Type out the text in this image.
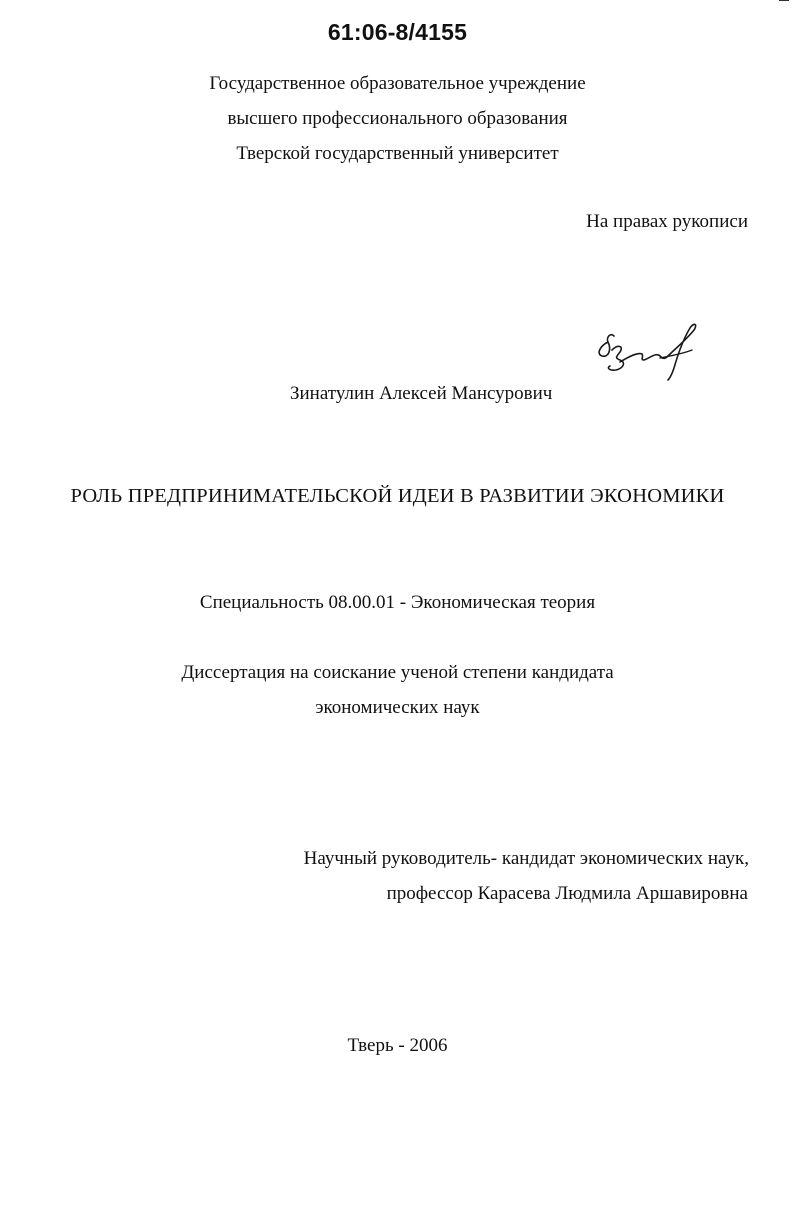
61:06-8/4155
Государственное образовательное учреждение
высшего профессионального образования
Тверской государственный университет
На правах рукописи
Зинатулин Алексей Мансурович
РОЛЬ ПРЕДПРИНИМАТЕЛЬСКОЙ ИДЕИ В РАЗВИТИИ ЭКОНОМИКИ
Специальность 08.00.01 - Экономическая теория
Диссертация на соискание ученой степени кандидата
экономических наук
Научный руководитель- кандидат экономических наук,
профессор Карасева Людмила Аршавировна
Тверь - 2006
